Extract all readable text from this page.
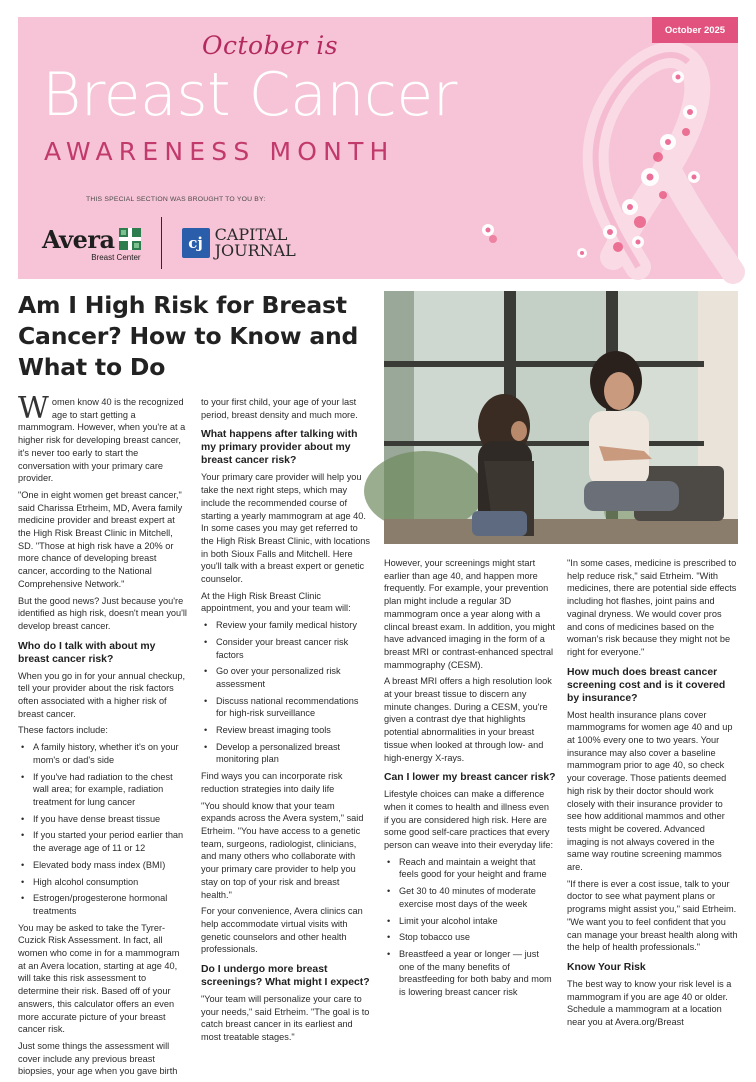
October 2025
October is
Breast Cancer
AWARENESS MONTH
THIS SPECIAL SECTION WAS BROUGHT TO YOU BY:
Avera
Breast Center
cj CAPITAL
JOURNAL
Am I High Risk for Breast Cancer? How to Know and What to Do

Women know 40 is the recognized age to start getting a mammogram. However, when you're at a higher risk for developing breast cancer, it's never too early to start the conversation with your primary care provider.

"One in eight women get breast cancer," said Charissa Etrheim, MD, Avera family medicine provider and breast expert at the High Risk Breast Clinic in Mitchell, SD. "Those at high risk have a 20% or more chance of developing breast cancer, according to the National Comprehensive Network."

But the good news? Just because you're identified as high risk, doesn't mean you'll develop breast cancer.

Who do I talk with about my breast cancer risk?

When you go in for your annual checkup, tell your provider about the risk factors often associated with a higher risk of breast cancer.

These factors include:

• A family history, whether it's on your mom's or dad's side
• If you've had radiation to the chest wall area; for example, radiation treatment for lung cancer
• If you have dense breast tissue
• If you started your period earlier than the average age of 11 or 12
• Elevated body mass index (BMI)
• High alcohol consumption
• Estrogen/progesterone hormonal treatments

You may be asked to take the Tyrer-Cuzick Risk Assessment. In fact, all women who come in for a mammogram at an Avera location, starting at age 40, will take this risk assessment to determine their risk. Based off of your answers, this calculator offers an even more accurate picture of your breast cancer risk.

Just some things the assessment will cover include any previous breast biopsies, your age when you gave birth

to your first child, your age of your last period, breast density and much more.

What happens after talking with my primary provider about my breast cancer risk?

Your primary care provider will help you take the next right steps, which may include the recommended course of starting a yearly mammogram at age 40. In some cases you may get referred to the High Risk Breast Clinic, with locations in both Sioux Falls and Mitchell. Here you'll talk with a breast expert or genetic counselor.

At the High Risk Breast Clinic appointment, you and your team will:

• Review your family medical history
• Consider your breast cancer risk factors
• Go over your personalized risk assessment
• Discuss national recommendations for high-risk surveillance
• Review breast imaging tools
• Develop a personalized breast monitoring plan

Find ways you can incorporate risk reduction strategies into daily life

"You should know that your team expands across the Avera system," said Etrheim. "You have access to a genetic team, surgeons, radiologist, clinicians, and many others who collaborate with your primary care provider to help you stay on top of your risk and breast health."

For your convenience, Avera clinics can help accommodate virtual visits with genetic counselors and other health professionals.

Do I undergo more breast screenings? What might I expect?

"Your team will personalize your care to your needs," said Etrheim. "The goal is to catch breast cancer in its earliest and most treatable stages."

However, your screenings might start earlier than age 40, and happen more frequently. For example, your prevention plan might include a regular 3D mammogram once a year along with a clincal breast exam. In addition, you might have advanced imaging in the form of a breast MRI or contrast-enhanced spectral mammography (CESM).

A breast MRI offers a high resolution look at your breast tissue to discern any minute changes. During a CESM, you're given a contrast dye that highlights potential abnormalities in your breast tissue when looked at through low- and high-energy X-rays.

Can I lower my breast cancer risk?

Lifestyle choices can make a difference when it comes to health and illness even if you are considered high risk. Here are some good self-care practices that every person can weave into their everyday life:

• Reach and maintain a weight that feels good for your height and frame
• Get 30 to 40 minutes of moderate exercise most days of the week
• Limit your alcohol intake
• Stop tobacco use
• Breastfeed a year or longer — just one of the many benefits of breastfeeding for both baby and mom is lowering breast cancer risk

"In some cases, medicine is prescribed to help reduce risk," said Etrheim. "With medicines, there are potential side effects including hot flashes, joint pains and vaginal dryness. We would cover pros and cons of medicines based on the woman's risk because they might not be right for everyone."

How much does breast cancer screening cost and is it covered by insurance?

Most health insurance plans cover mammograms for women age 40 and up at 100% every one to two years. Your insurance may also cover a baseline mammogram prior to age 40, so check your coverage. Those patients deemed high risk by their doctor should work closely with their insurance provider to see how additional mammos and other tests might be covered. Advanced imaging is not always covered in the same way routine screening mammos are.

"If there is ever a cost issue, talk to your doctor to see what payment plans or programs might assist you," said Etrheim. "We want you to feel confident that you can manage your breast health along with the help of health professionals."

Know Your Risk

The best way to know your risk level is a mammogram if you are age 40 or older. Schedule a mammogram at a location near you at Avera.org/Breast
